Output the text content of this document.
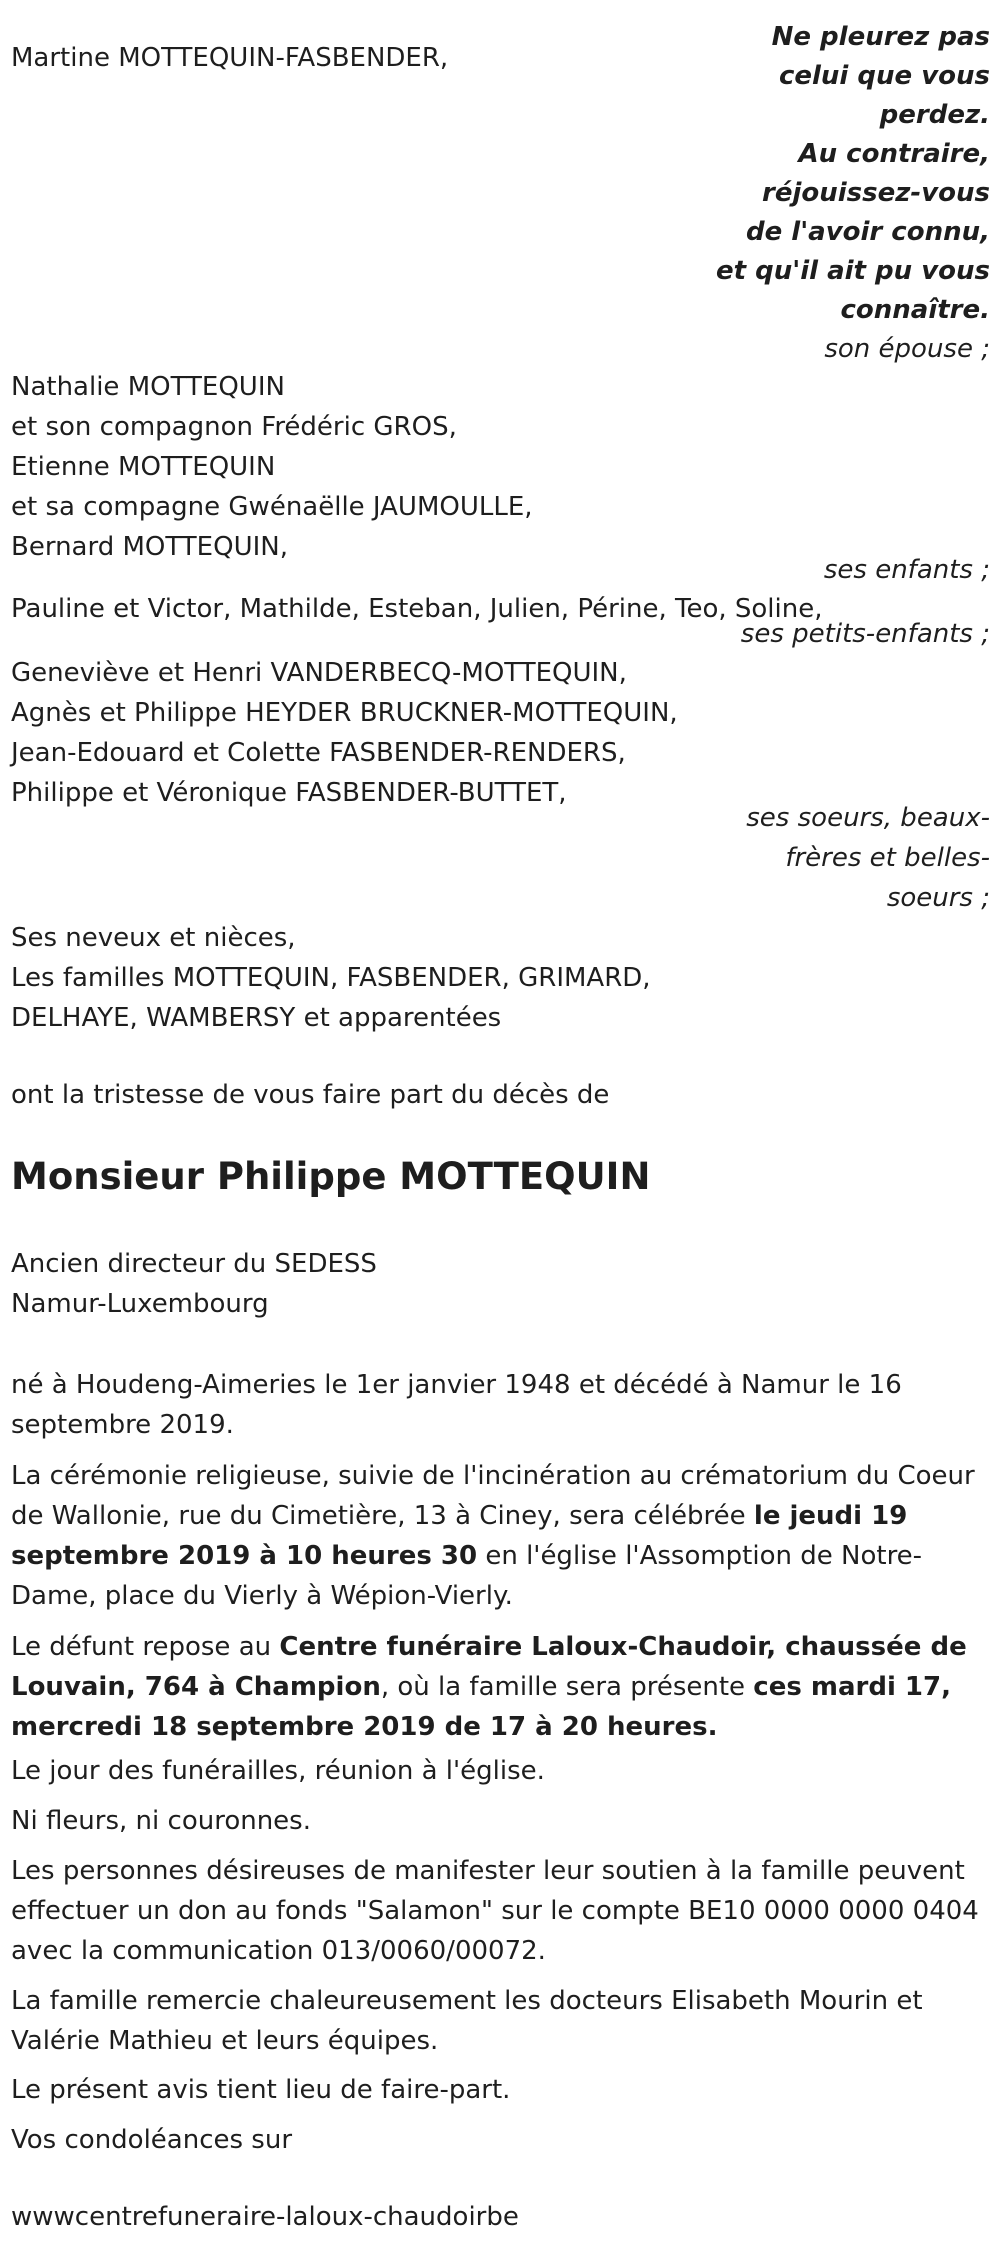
Martine MOTTEQUIN-FASBENDER,
Ne pleurez pas
celui que vous
perdez.
Au contraire,
réjouissez-vous
de l'avoir connu,
et qu'il ait pu vous
connaître.
son épouse ;
Nathalie MOTTEQUIN
et son compagnon Frédéric GROS,
Etienne MOTTEQUIN
et sa compagne Gwénaëlle JAUMOULLE,
Bernard MOTTEQUIN,
ses enfants ;
Pauline et Victor, Mathilde, Esteban, Julien, Périne, Teo, Soline,
ses petits-enfants ;
Geneviève et Henri VANDERBECQ-MOTTEQUIN,
Agnès et Philippe HEYDER BRUCKNER-MOTTEQUIN,
Jean-Edouard et Colette FASBENDER-RENDERS,
Philippe et Véronique FASBENDER-BUTTET,
ses soeurs, beaux-
frères et belles-
soeurs ;
Ses neveux et nièces,
Les familles MOTTEQUIN, FASBENDER, GRIMARD,
DELHAYE, WAMBERSY et apparentées
ont la tristesse de vous faire part du décès de
Monsieur Philippe MOTTEQUIN
Ancien directeur du SEDESS
Namur-Luxembourg
né à Houdeng-Aimeries le 1er janvier 1948 et décédé à Namur le 16 septembre 2019.
La cérémonie religieuse, suivie de l'incinération au crématorium du Coeur de Wallonie, rue du Cimetière, 13 à Ciney, sera célébrée le jeudi 19 septembre 2019 à 10 heures 30 en l'église l'Assomption de Notre-Dame, place du Vierly à Wépion-Vierly.
Le défunt repose au Centre funéraire Laloux-Chaudoir, chaussée de Louvain, 764 à Champion, où la famille sera présente ces mardi 17, mercredi 18 septembre 2019 de 17 à 20 heures.
Le jour des funérailles, réunion à l'église.
Ni fleurs, ni couronnes.
Les personnes désireuses de manifester leur soutien à la famille peuvent effectuer un don au fonds "Salamon" sur le compte BE10 0000 0000 0404 avec la communication 013/0060/00072.
La famille remercie chaleureusement les docteurs Elisabeth Mourin et Valérie Mathieu et leurs équipes.
Le présent avis tient lieu de faire-part.
Vos condoléances sur
wwwcentrefuneraire-laloux-chaudoirbe
